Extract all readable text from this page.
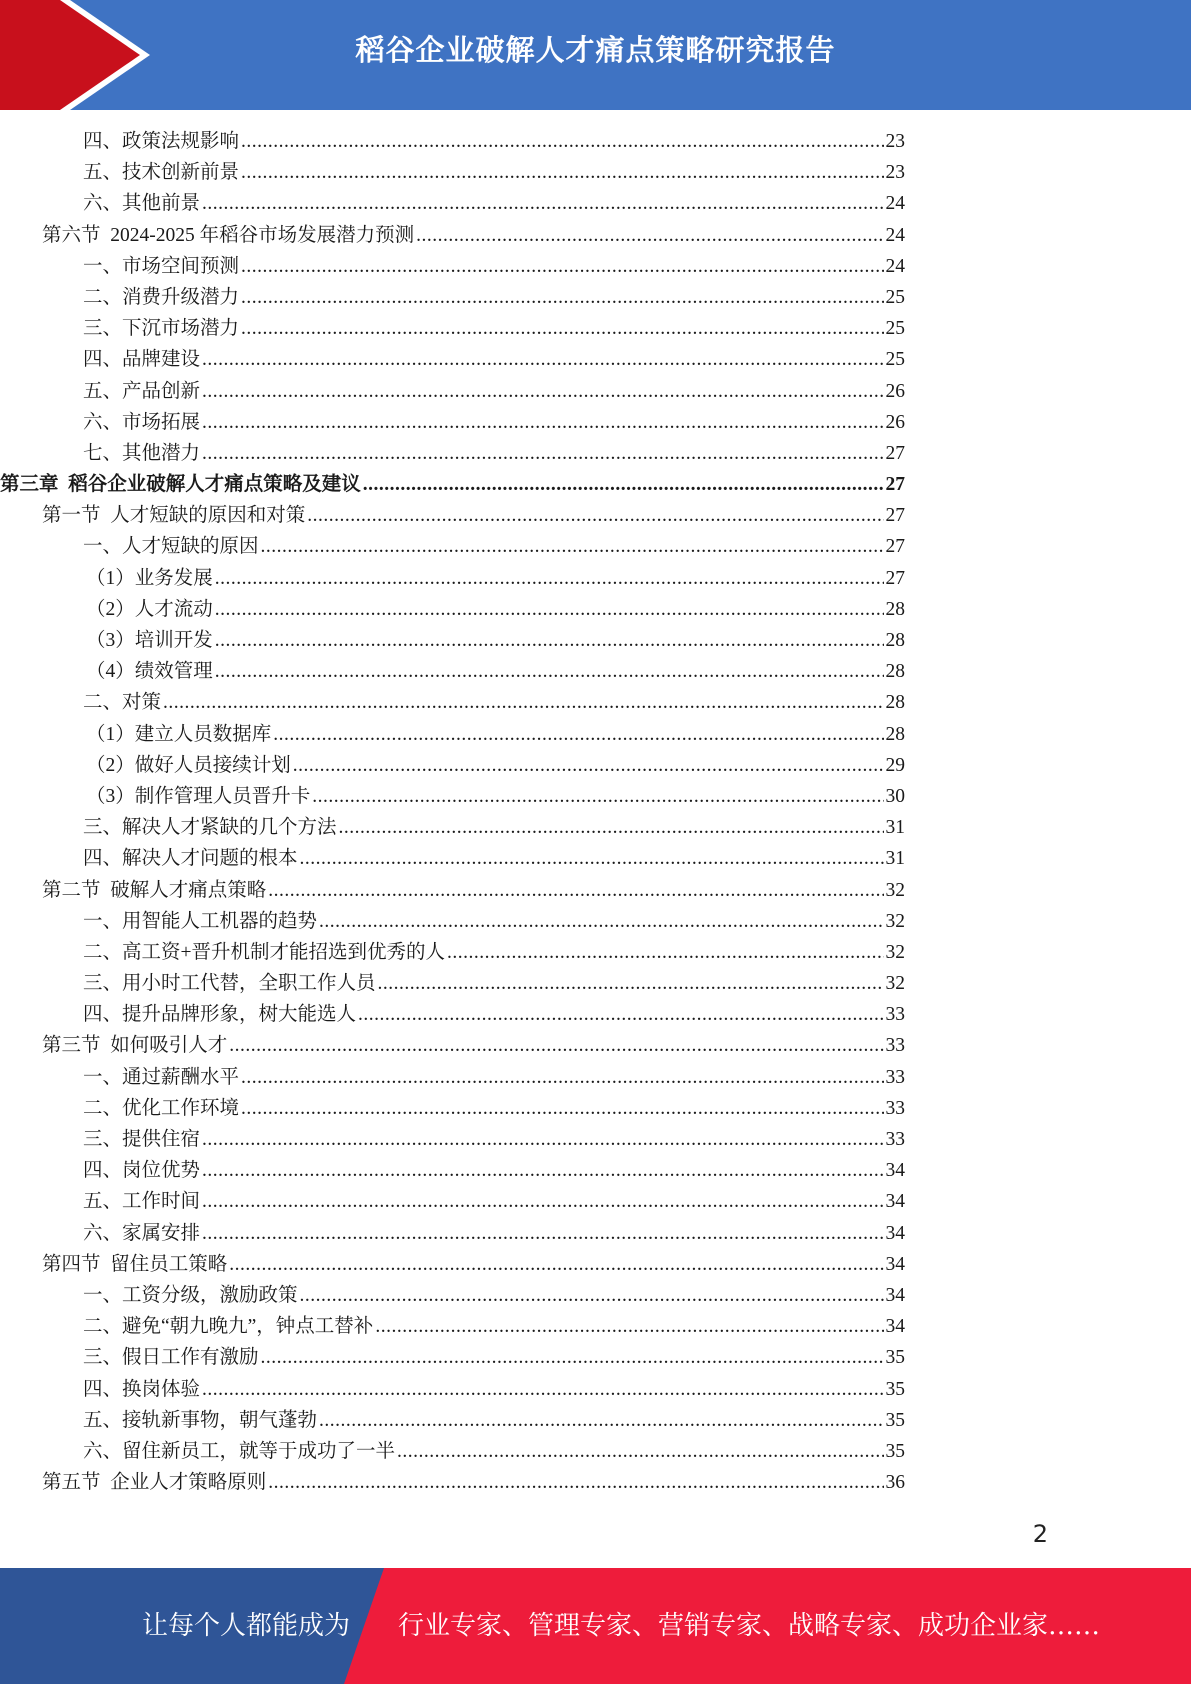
稻谷企业破解人才痛点策略研究报告
四、政策法规影响 .....	23
五、技术创新前景 .....	23
六、其他前景 .....	24
第六节  2024-2025 年稻谷市场发展潜力预测 .....	24
一、市场空间预测 .....	24
二、消费升级潜力 .....	25
三、下沉市场潜力 .....	25
四、品牌建设 .....	25
五、产品创新 .....	26
六、市场拓展 .....	26
七、其他潜力 .....	27
第三章  稻谷企业破解人才痛点策略及建议 .....	27
第一节  人才短缺的原因和对策 .....	27
一、人才短缺的原因 .....	27
（1）业务发展 .....	27
（2）人才流动 .....	28
（3）培训开发 .....	28
（4）绩效管理 .....	28
二、对策 .....	28
（1）建立人员数据库 .....	28
（2）做好人员接续计划 .....	29
（3）制作管理人员晋升卡 .....	30
三、解决人才紧缺的几个方法 .....	31
四、解决人才问题的根本 .....	31
第二节  破解人才痛点策略 .....	32
一、用智能人工机器的趋势 .....	32
二、高工资+晋升机制才能招选到优秀的人 .....	32
三、用小时工代替，全职工作人员 .....	32
四、提升品牌形象，树大能选人 .....	33
第三节  如何吸引人才 .....	33
一、通过薪酬水平 .....	33
二、优化工作环境 .....	33
三、提供住宿 .....	33
四、岗位优势 .....	34
五、工作时间 .....	34
六、家属安排 .....	34
第四节  留住员工策略 .....	34
一、工资分级，激励政策 .....	34
二、避免“朝九晚九”，钟点工替补 .....	34
三、假日工作有激励 .....	35
四、换岗体验 .....	35
五、接轨新事物，朝气蓬勃 .....	35
六、留住新员工，就等于成功了一半 .....	35
第五节  企业人才策略原则 .....	36
2
让每个人都能成为 行业专家、管理专家、营销专家、战略专家、成功企业家……
